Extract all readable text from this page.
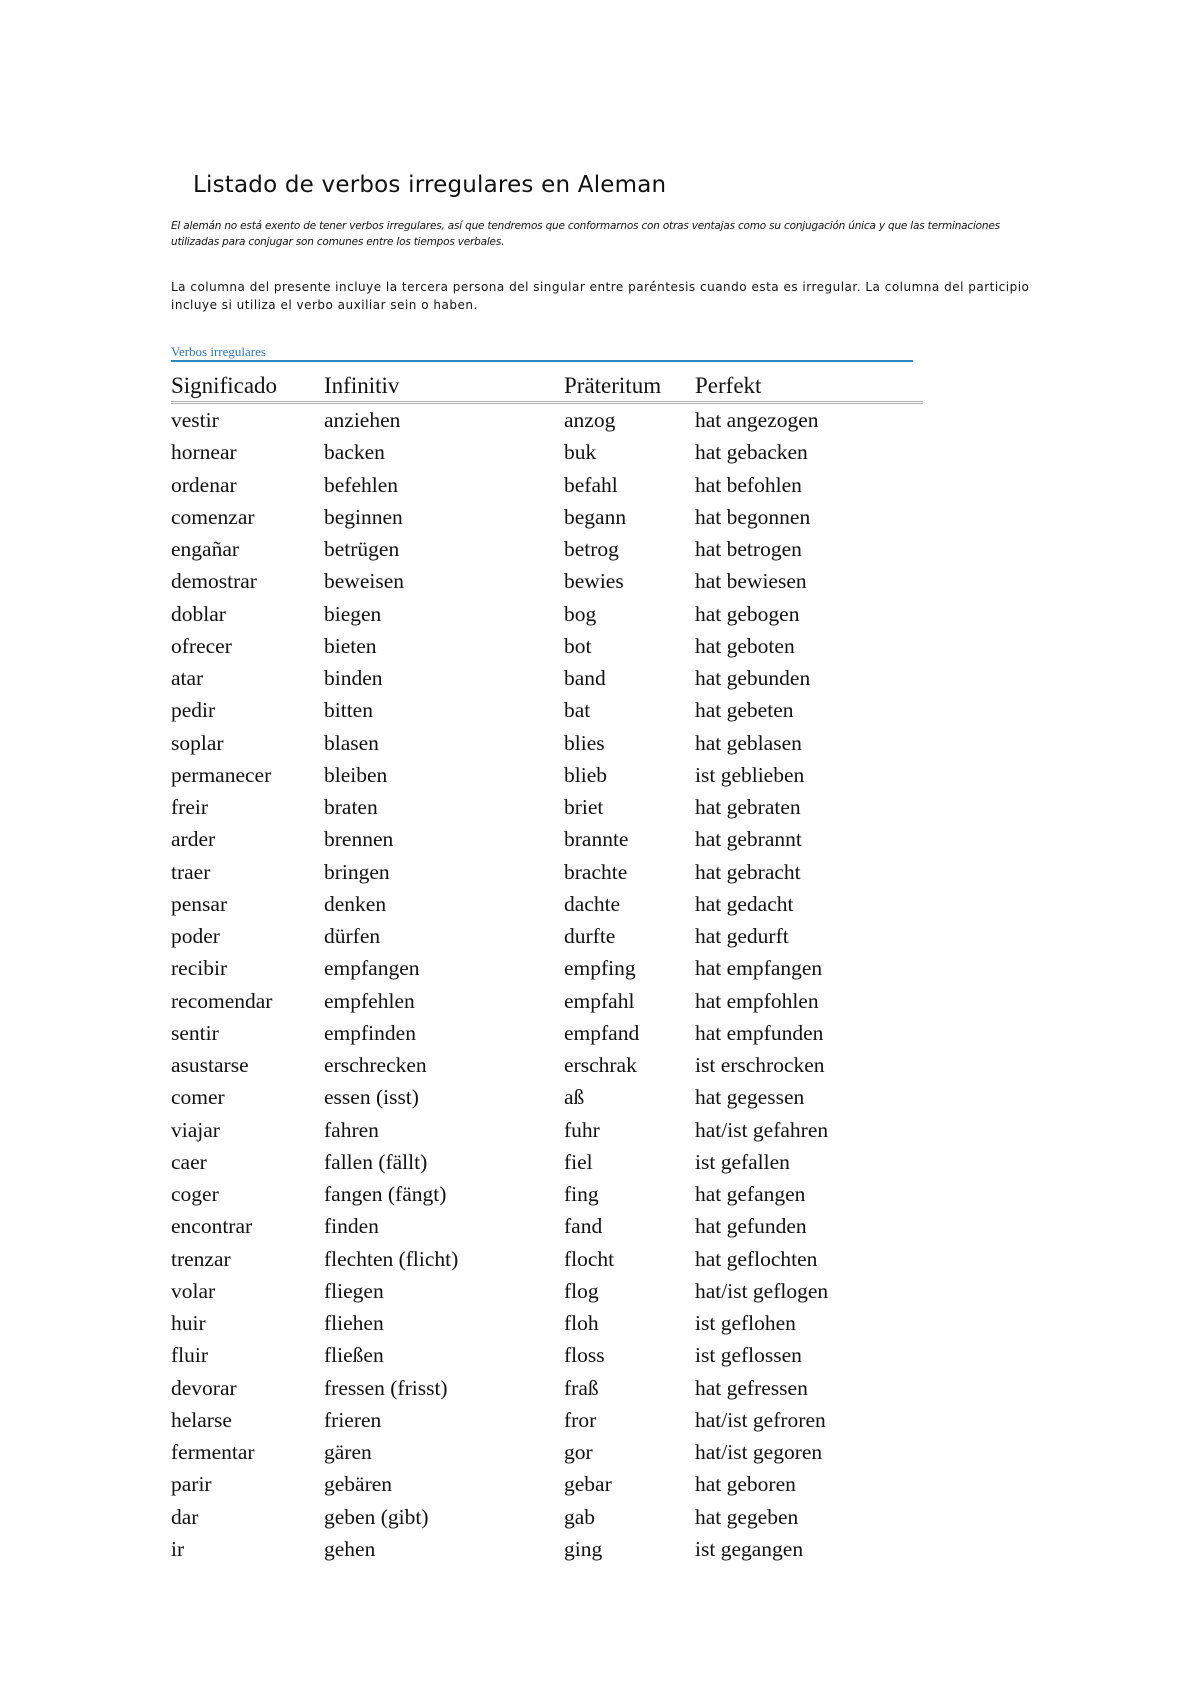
Listado de verbos irregulares en Aleman

El alemán no está exento de tener verbos irregulares, así que tendremos que conformarnos con otras ventajas como su conjugación única y que las terminaciones utilizadas para conjugar son comunes entre los tiempos verbales.

La columna del presente incluye la tercera persona del singular entre paréntesis cuando esta es irregular. La columna del participio incluye si utiliza el verbo auxiliar sein o haben.

Verbos irregulares
Significado	Infinitiv	Präteritum	Perfekt
vestir	anziehen	anzog	hat angezogen
hornear	backen	buk	hat gebacken
ordenar	befehlen	befahl	hat befohlen
comenzar	beginnen	begann	hat begonnen
engañar	betrügen	betrog	hat betrogen
demostrar	beweisen	bewies	hat bewiesen
doblar	biegen	bog	hat gebogen
ofrecer	bieten	bot	hat geboten
atar	binden	band	hat gebunden
pedir	bitten	bat	hat gebeten
soplar	blasen	blies	hat geblasen
permanecer	bleiben	blieb	ist geblieben
freir	braten	briet	hat gebraten
arder	brennen	brannte	hat gebrannt
traer	bringen	brachte	hat gebracht
pensar	denken	dachte	hat gedacht
poder	dürfen	durfte	hat gedurft
recibir	empfangen	empfing	hat empfangen
recomendar	empfehlen	empfahl	hat empfohlen
sentir	empfinden	empfand	hat empfunden
asustarse	erschrecken	erschrak	ist erschrocken
comer	essen (isst)	aß	hat gegessen
viajar	fahren	fuhr	hat/ist gefahren
caer	fallen (fällt)	fiel	ist gefallen
coger	fangen (fängt)	fing	hat gefangen
encontrar	finden	fand	hat gefunden
trenzar	flechten (flicht)	flocht	hat geflochten
volar	fliegen	flog	hat/ist geflogen
huir	fliehen	floh	ist geflohen
fluir	fließen	floss	ist geflossen
devorar	fressen (frisst)	fraß	hat gefressen
helarse	frieren	fror	hat/ist gefroren
fermentar	gären	gor	hat/ist gegoren
parir	gebären	gebar	hat geboren
dar	geben (gibt)	gab	hat gegeben
ir	gehen	ging	ist gegangen
